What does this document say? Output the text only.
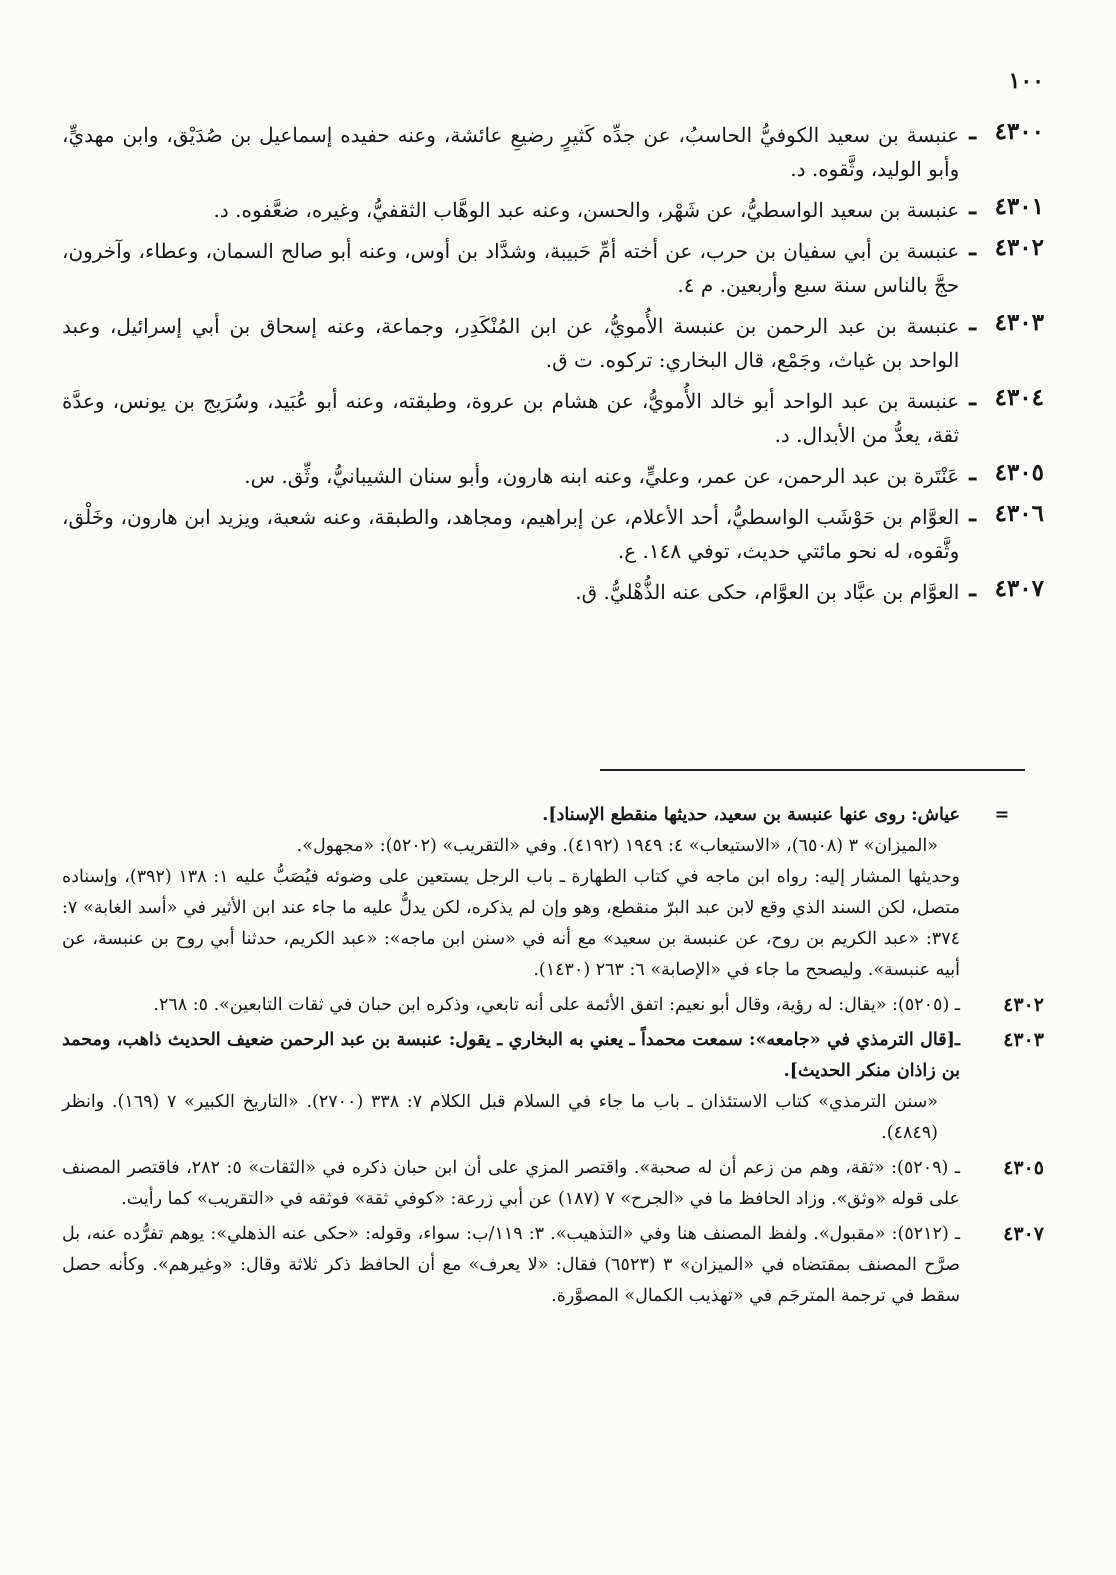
١٠٠
٤٣٠٠
ـ
عنبسة بن سعيد الكوفيُّ الحاسبُ، عن جدِّه كَثيرٍ رضيعِ عائشة، وعنه حفيده إسماعيل بن صُدَيْق، وابن مهديٍّ، وأبو الوليد، وثَّقوه. د.
٤٣٠١
ـ
عنبسة بن سعيد الواسطيُّ، عن شَهْر، والحسن، وعنه عبد الوهَّاب الثقفيُّ، وغيره، ضعَّفوه. د.
٤٣٠٢
ـ
عنبسة بن أبي سفيان بن حرب، عن أخته أمِّ حَبيبة، وشدَّاد بن أوس، وعنه أبو صالح السمان، وعطاء، وآخرون، حجَّ بالناس سنة سبع وأربعين. م ٤.
٤٣٠٣
ـ
عنبسة بن عبد الرحمن بن عنبسة الأُمويُّ، عن ابن المُنْكَدِر، وجماعة، وعنه إسحاق بن أبي إسرائيل، وعبد الواحد بن غياث، وجَمْع، قال البخاري: تركوه. ت ق.
٤٣٠٤
ـ
عنبسة بن عبد الواحد أبو خالد الأُمويُّ، عن هشام بن عروة، وطبقته، وعنه أبو عُبَيد، وسُرَيج بن يونس، وعدَّة ثقة، يعدُّ من الأبدال. د.
٤٣٠٥
ـ
عَنْتَرة بن عبد الرحمن، عن عمر، وعليٍّ، وعنه ابنه هارون، وأبو سنان الشيبانيُّ، وثِّق. س.
٤٣٠٦
ـ
العوَّام بن حَوْشَب الواسطيُّ، أحد الأعلام، عن إبراهيم، ومجاهد، والطبقة، وعنه شعبة، ويزيد ابن هارون، وخَلْق، وثَّقوه، له نحو مائتي حديث، توفي ١٤٨. ع.
٤٣٠٧
ـ
العوَّام بن عبَّاد بن العوَّام، حكى عنه الذُّهْليُّ. ق.
=

عياش: روى عنها عنبسة بن سعيد، حديثها منقطع الإسناد].

«الميزان» ٣ (٦٥٠٨)، «الاستيعاب» ٤: ١٩٤٩ (٤١٩٢). وفي «التقريب» (٥٢٠٢): «مجهول».

وحديثها المشار إليه: رواه ابن ماجه في كتاب الطهارة ـ باب الرجل يستعين على وضوئه فيُصَبُّ عليه ١: ١٣٨ (٣٩٢)، وإسناده متصل، لكن السند الذي وقع لابن عبد البرّ منقطع، وهو وإن لم يذكره، لكن يدلُّ عليه ما جاء عند ابن الأثير في «أسد الغابة» ٧: ٣٧٤: «عبد الكريم بن روح، عن عنبسة بن سعيد» مع أنه في «سنن ابن ماجه»: «عبد الكريم، حدثنا أبي روح بن عنبسة، عن أبيه عنبسة». وليصحح ما جاء في «الإصابة» ٦: ٢٦٣ (١٤٣٠).

٤٣٠٢

ـ (٥٢٠٥): «يقال: له رؤية، وقال أبو نعيم: اتفق الأئمة على أنه تابعي، وذكره ابن حبان في ثقات التابعين». ٥: ٢٦٨.

٤٣٠٣

ـ[قال الترمذي في «جامعه»: سمعت محمداً ـ يعني به البخاري ـ يقول: عنبسة بن عبد الرحمن ضعيف الحديث ذاهب، ومحمد بن زاذان منكر الحديث].

«سنن الترمذي» كتاب الاستئذان ـ باب ما جاء في السلام قبل الكلام ٧: ٣٣٨ (٢٧٠٠). «التاريخ الكبير» ٧ (١٦٩). وانظر (٤٨٤٩).

٤٣٠٥

ـ (٥٢٠٩): «ثقة، وهم من زعم أن له صحبة». واقتصر المزي على أن ابن حبان ذكره في «الثقات» ٥: ٢٨٢، فاقتصر المصنف على قوله «وثق». وزاد الحافظ ما في «الجرح» ٧ (١٨٧) عن أبي زرعة: «كوفي ثقة» فوثقه في «التقريب» كما رأيت.

٤٣٠٧

ـ (٥٢١٢): «مقبول». ولفظ المصنف هنا وفي «التذهيب». ٣: ١١٩/ب: سواء، وقوله: «حكى عنه الذهلي»: يوهم تفرُّده عنه، بل صرَّح المصنف بمقتضاه في «الميزان» ٣ (٦٥٢٣) فقال: «لا يعرف» مع أن الحافظ ذكر ثلاثة وقال: «وغيرهم». وكأنه حصل سقط في ترجمة المترجَم في «تهذيب الكمال» المصوَّرة.
